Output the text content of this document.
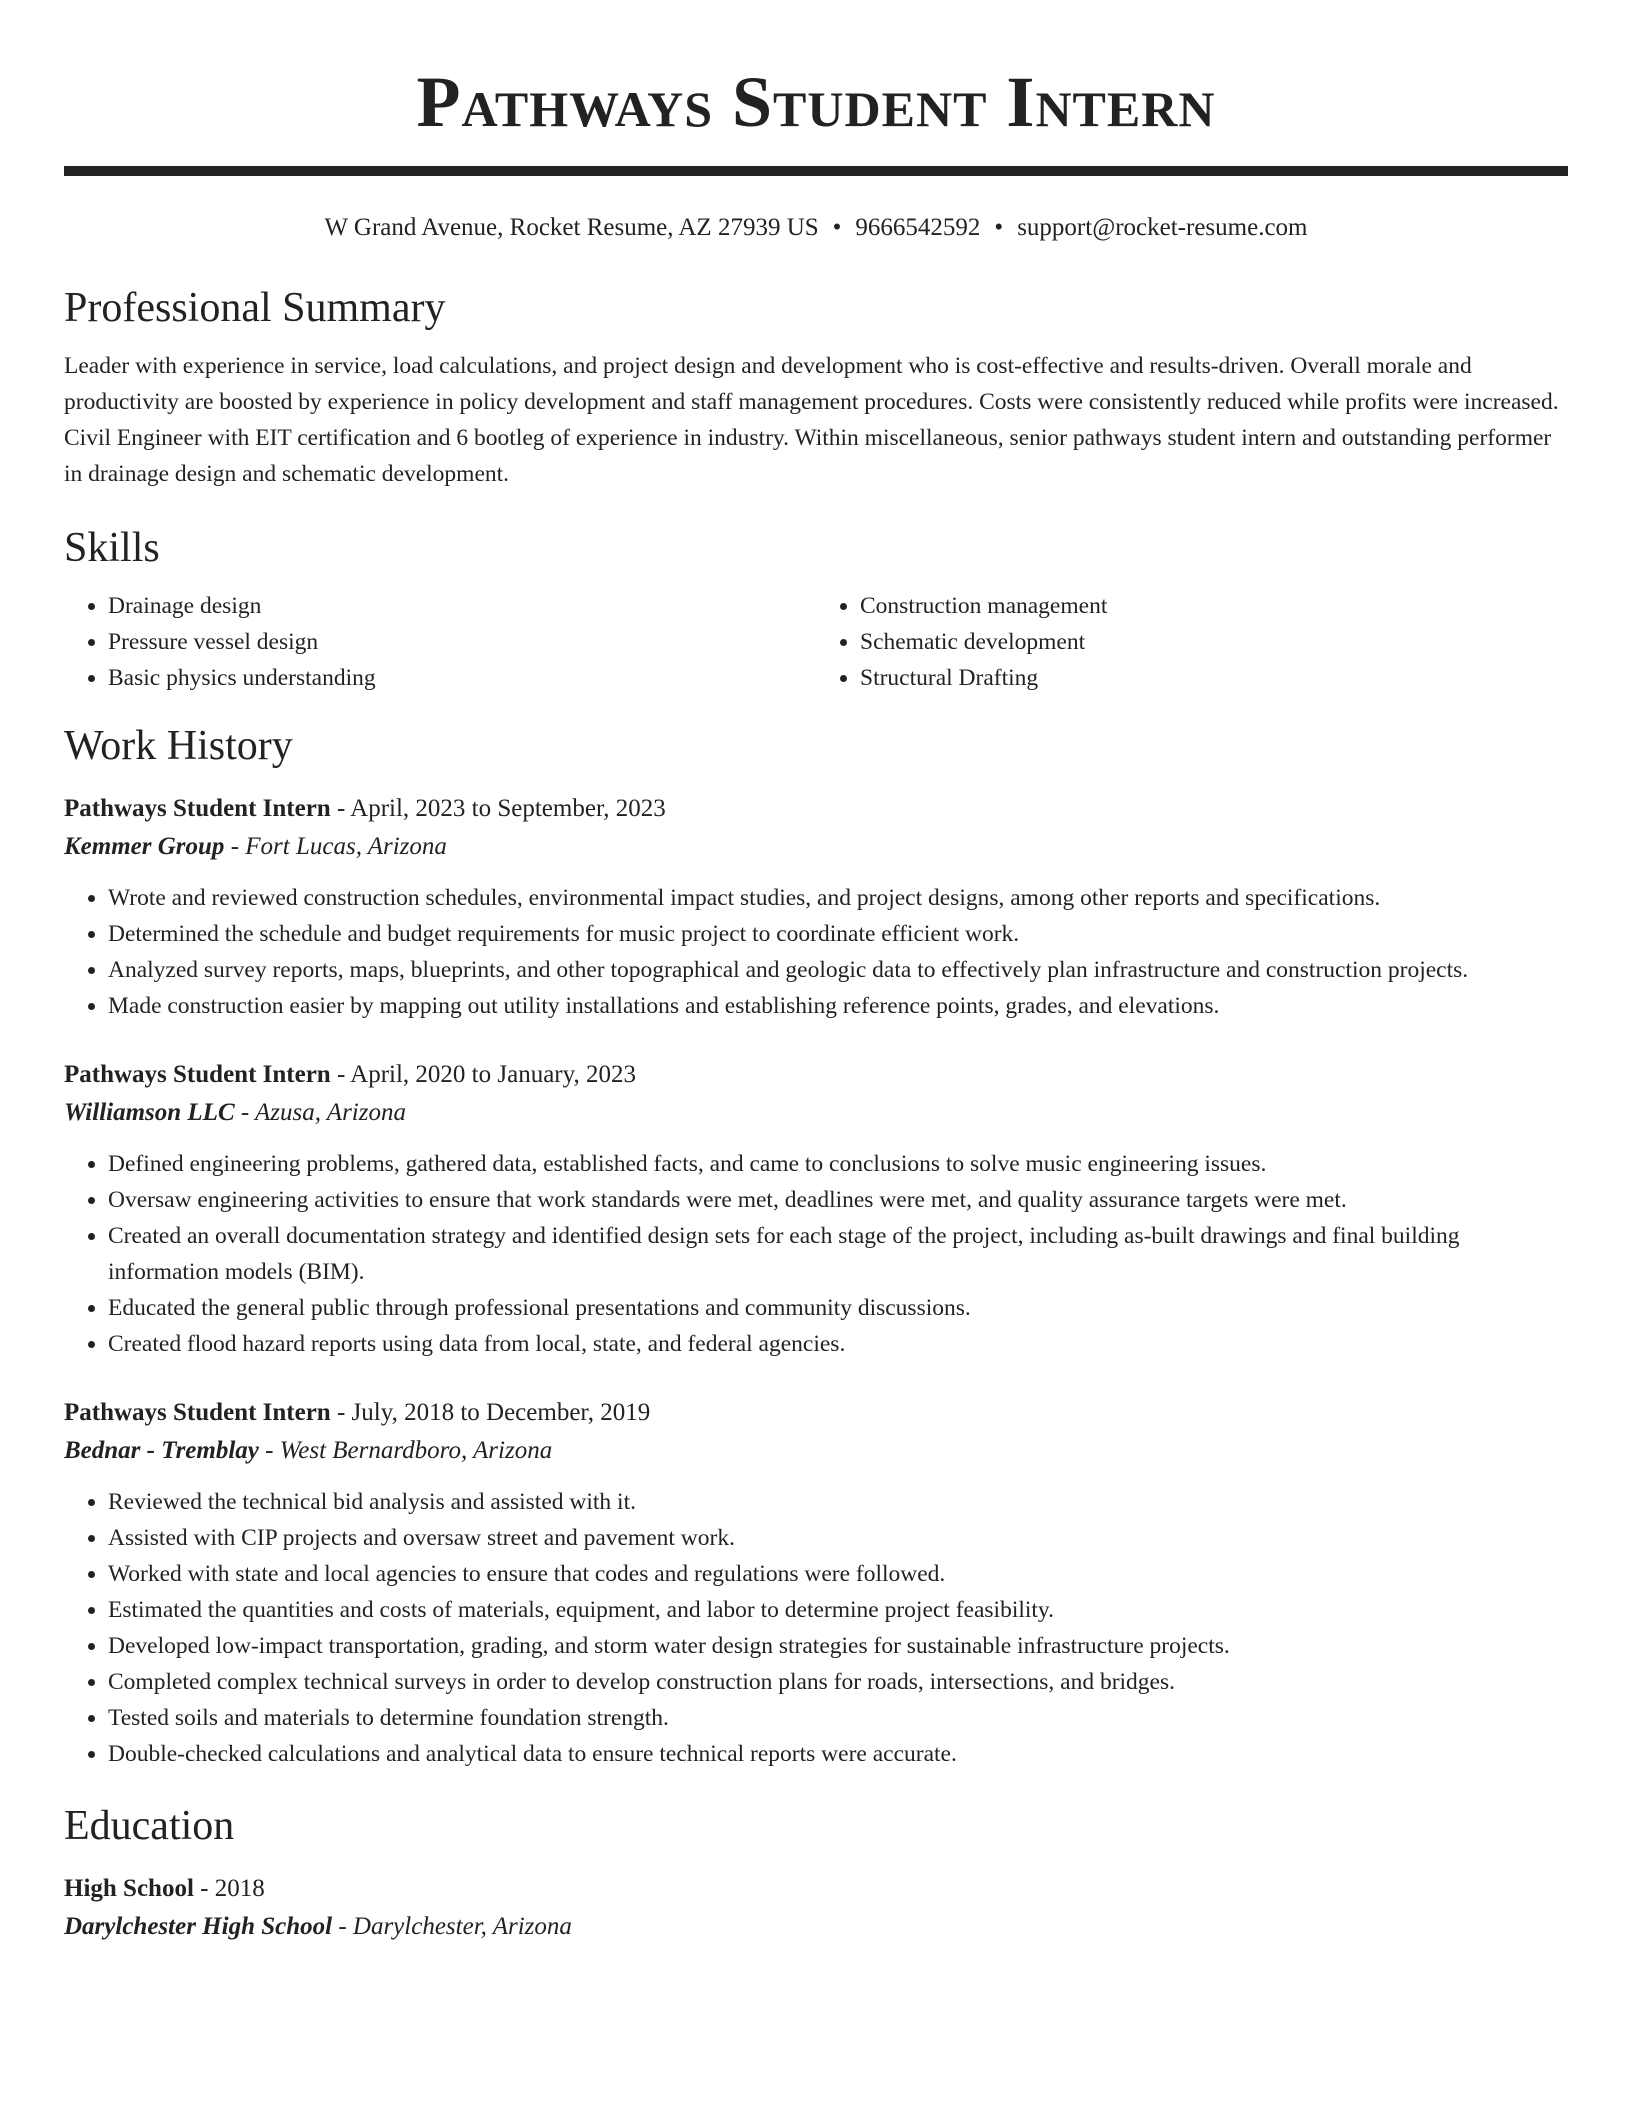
Pathways Student Intern
W Grand Avenue, Rocket Resume, AZ 27939 US • 9666542592 • support@rocket-resume.com
Professional Summary
Leader with experience in service, load calculations, and project design and development who is cost-effective and results-driven. Overall morale and productivity are boosted by experience in policy development and staff management procedures. Costs were consistently reduced while profits were increased. Civil Engineer with EIT certification and 6 bootleg of experience in industry. Within miscellaneous, senior pathways student intern and outstanding performer in drainage design and schematic development.
Skills
• Drainage design
• Pressure vessel design
• Basic physics understanding
• Construction management
• Schematic development
• Structural Drafting
Work History
Pathways Student Intern - April, 2023 to September, 2023
Kemmer Group - Fort Lucas, Arizona
• Wrote and reviewed construction schedules, environmental impact studies, and project designs, among other reports and specifications.
• Determined the schedule and budget requirements for music project to coordinate efficient work.
• Analyzed survey reports, maps, blueprints, and other topographical and geologic data to effectively plan infrastructure and construction projects.
• Made construction easier by mapping out utility installations and establishing reference points, grades, and elevations.
Pathways Student Intern - April, 2020 to January, 2023
Williamson LLC - Azusa, Arizona
• Defined engineering problems, gathered data, established facts, and came to conclusions to solve music engineering issues.
• Oversaw engineering activities to ensure that work standards were met, deadlines were met, and quality assurance targets were met.
• Created an overall documentation strategy and identified design sets for each stage of the project, including as-built drawings and final building information models (BIM).
• Educated the general public through professional presentations and community discussions.
• Created flood hazard reports using data from local, state, and federal agencies.
Pathways Student Intern - July, 2018 to December, 2019
Bednar - Tremblay - West Bernardboro, Arizona
• Reviewed the technical bid analysis and assisted with it.
• Assisted with CIP projects and oversaw street and pavement work.
• Worked with state and local agencies to ensure that codes and regulations were followed.
• Estimated the quantities and costs of materials, equipment, and labor to determine project feasibility.
• Developed low-impact transportation, grading, and storm water design strategies for sustainable infrastructure projects.
• Completed complex technical surveys in order to develop construction plans for roads, intersections, and bridges.
• Tested soils and materials to determine foundation strength.
• Double-checked calculations and analytical data to ensure technical reports were accurate.
Education
High School - 2018
Darylchester High School - Darylchester, Arizona
